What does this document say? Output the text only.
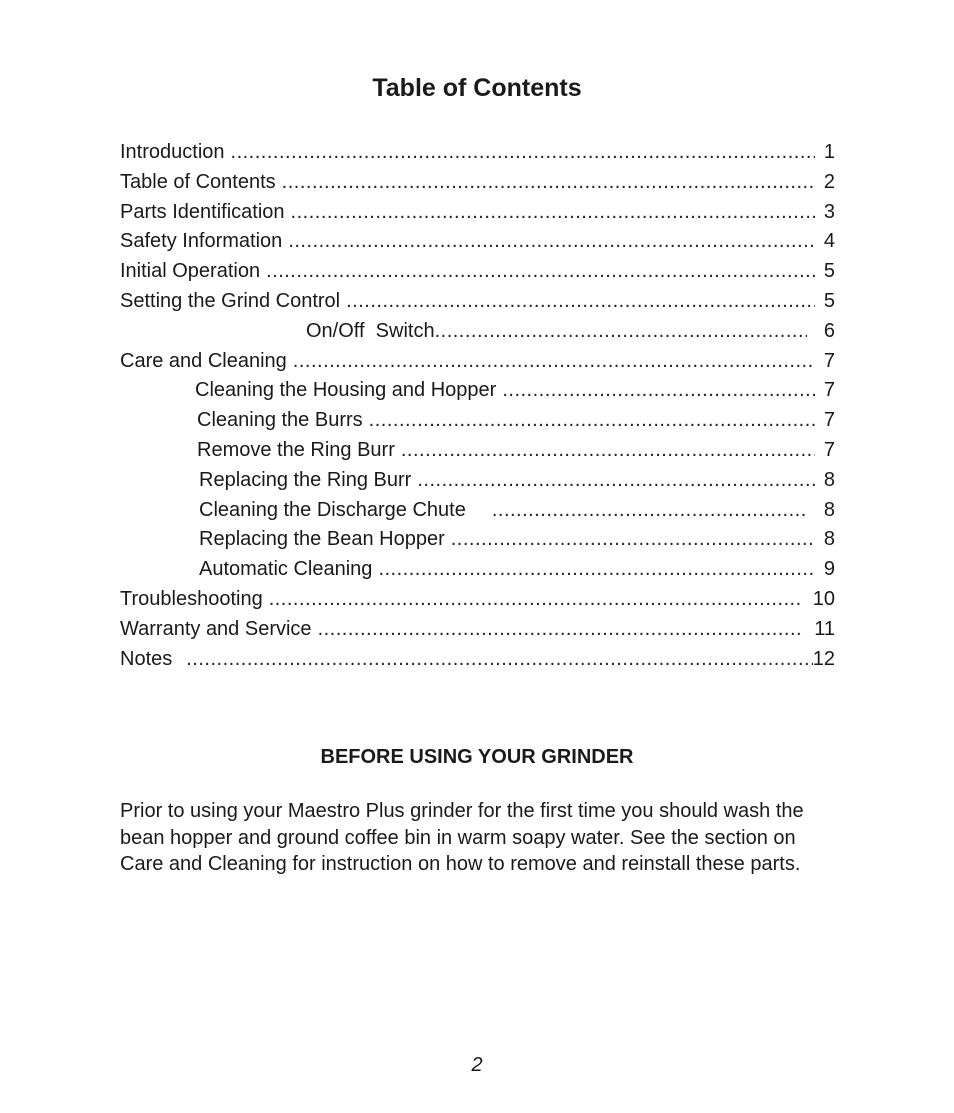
Table of Contents
Introduction .....	1
Table of Contents .....	2
Parts Identification .....	3
Safety Information .....	4
Initial Operation .....	5
Setting the Grind Control .....	5
On/Off  Switch .....	6
Care and Cleaning .....	7
Cleaning the Housing and Hopper .....	7
Cleaning the Burrs .....	7
Remove the Ring Burr .....	7
Replacing the Ring Burr .....	8
Cleaning the Discharge Chute .....	8
Replacing the Bean Hopper .....	8
Automatic Cleaning .....	9
Troubleshooting .....	10
Warranty and Service .....	11
Notes .....	12
BEFORE USING YOUR GRINDER
Prior to using your Maestro Plus grinder for the first time you should wash the bean hopper and ground coffee bin in warm soapy water. See the section on Care and Cleaning for instruction on how to remove and reinstall these parts.
2
